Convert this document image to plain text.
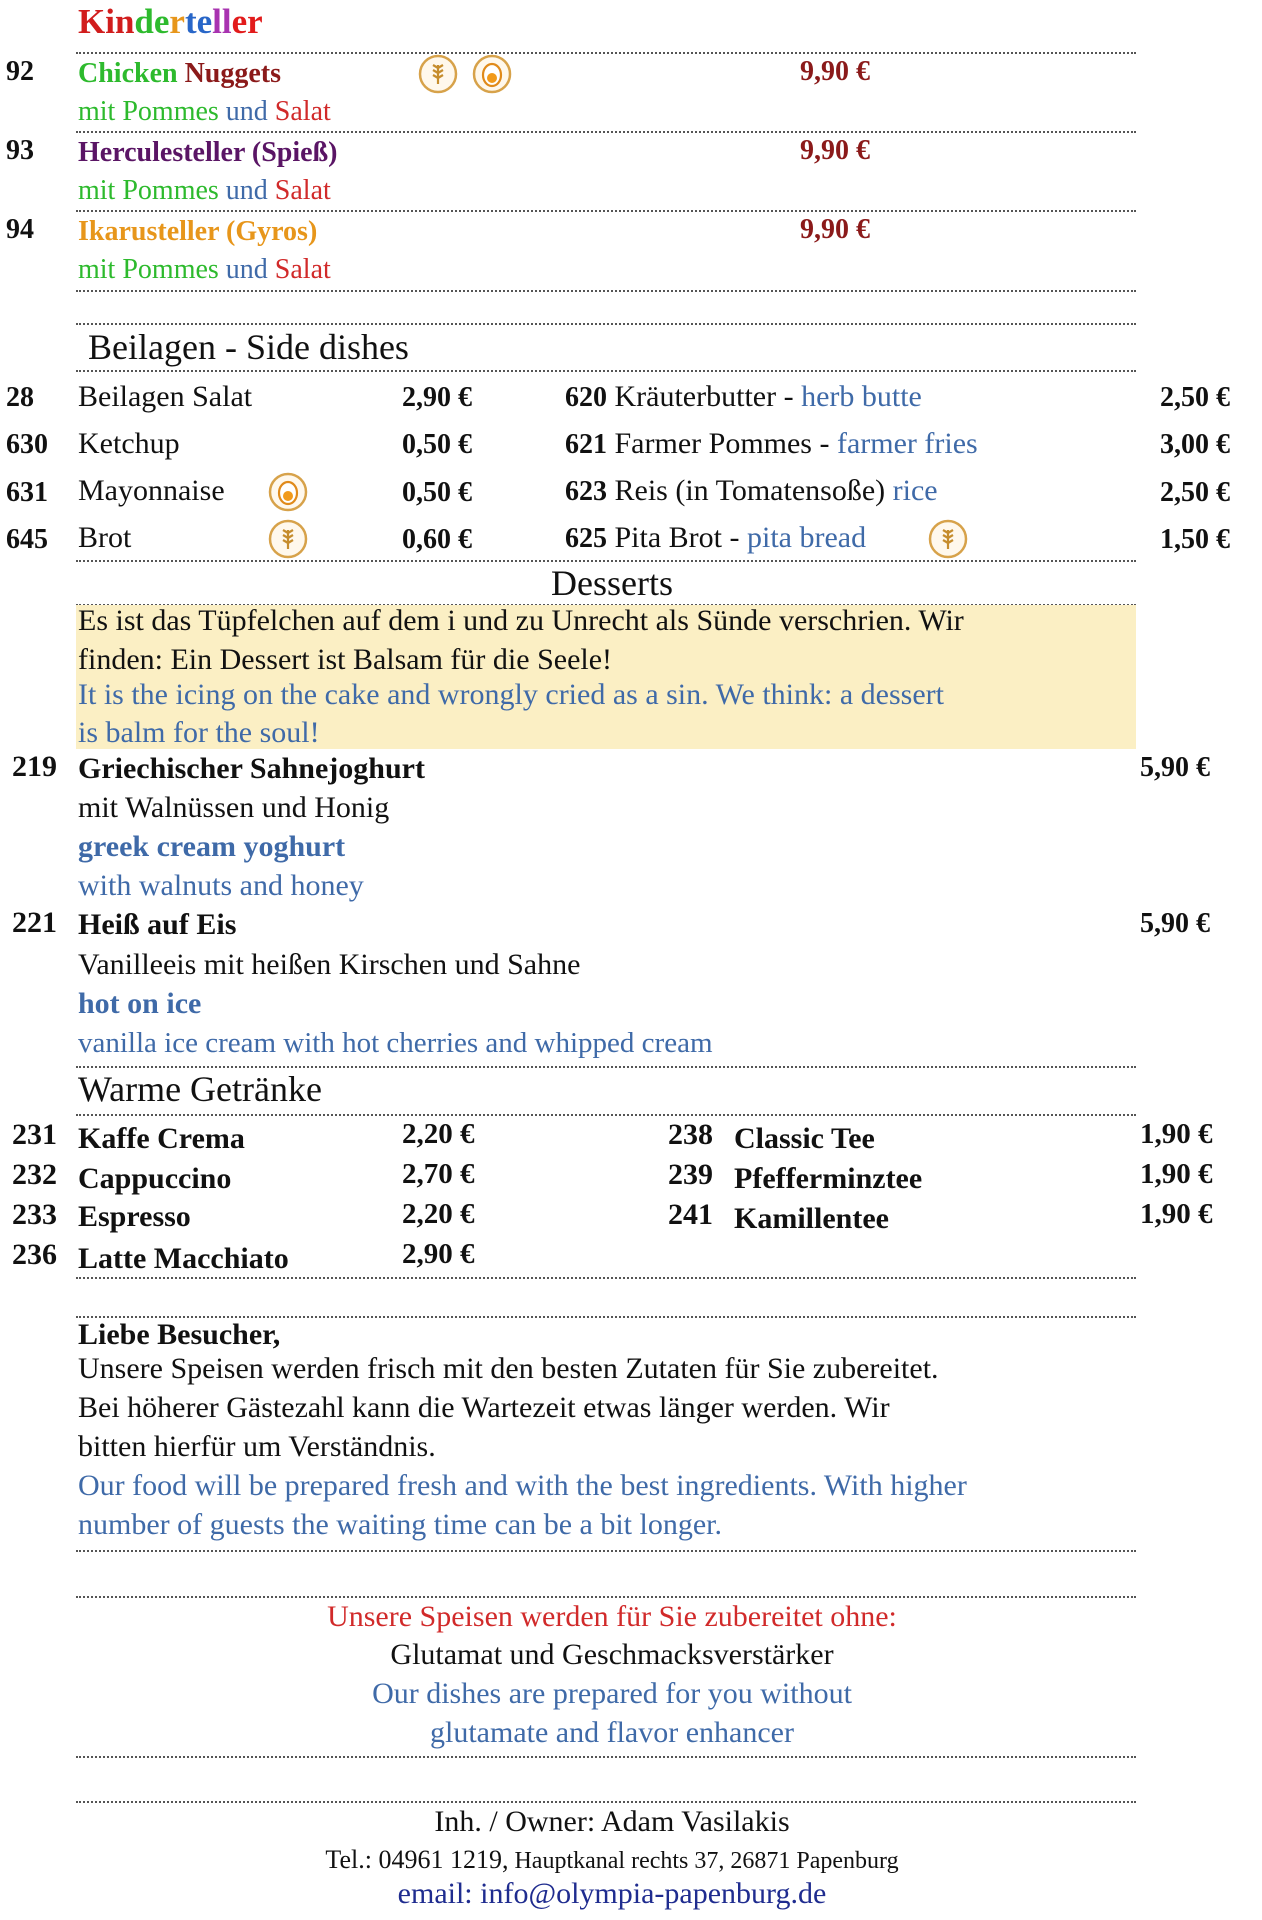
Kinderteller
92 Chicken Nuggets	9,90 €
mit Pommes und Salat
93 Herculesteller (Spieß)	9,90 €
mit Pommes und Salat
94 Ikarusteller (Gyros)	9,90 €
mit Pommes und Salat
Beilagen - Side dishes
28 Beilagen Salat	2,90 €
630 Ketchup	0,50 €
631 Mayonnaise	0,50 €
645 Brot	0,60 €
620 Kräuterbutter - herb butte	2,50 €
621 Farmer Pommes - farmer fries	3,00 €
623 Reis (in Tomatensoße) rice	2,50 €
625 Pita Brot - pita bread	1,50 €
Desserts
Es ist das Tüpfelchen auf dem i und zu Unrecht als Sünde verschrien. Wir
finden: Ein Dessert ist Balsam für die Seele!
It is the icing on the cake and wrongly cried as a sin. We think: a dessert
is balm for the soul!
219 Griechischer Sahnejoghurt	5,90 €
mit Walnüssen und Honig
greek cream yoghurt
with walnuts and honey
221 Heiß auf Eis	5,90 €
Vanilleeis mit heißen Kirschen und Sahne
hot on ice
vanilla ice cream with hot cherries and whipped cream
Warme Getränke
231 Kaffe Crema	2,20 €
232 Cappuccino	2,70 €
233 Espresso	2,20 €
236 Latte Macchiato	2,90 €
238 Classic Tee	1,90 €
239 Pfefferminztee	1,90 €
241 Kamillentee	1,90 €
Liebe Besucher,
Unsere Speisen werden frisch mit den besten Zutaten für Sie zubereitet.
Bei höherer Gästezahl kann die Wartezeit etwas länger werden. Wir
bitten hierfür um Verständnis.
Our food will be prepared fresh and with the best ingredients. With higher
number of guests the waiting time can be a bit longer.
Unsere Speisen werden für Sie zubereitet ohne:
Glutamat und Geschmacksverstärker
Our dishes are prepared for you without
glutamate and flavor enhancer
Inh. / Owner: Adam Vasilakis
Tel.: 04961 1219, Hauptkanal rechts 37, 26871 Papenburg
email: info@olympia-papenburg.de
